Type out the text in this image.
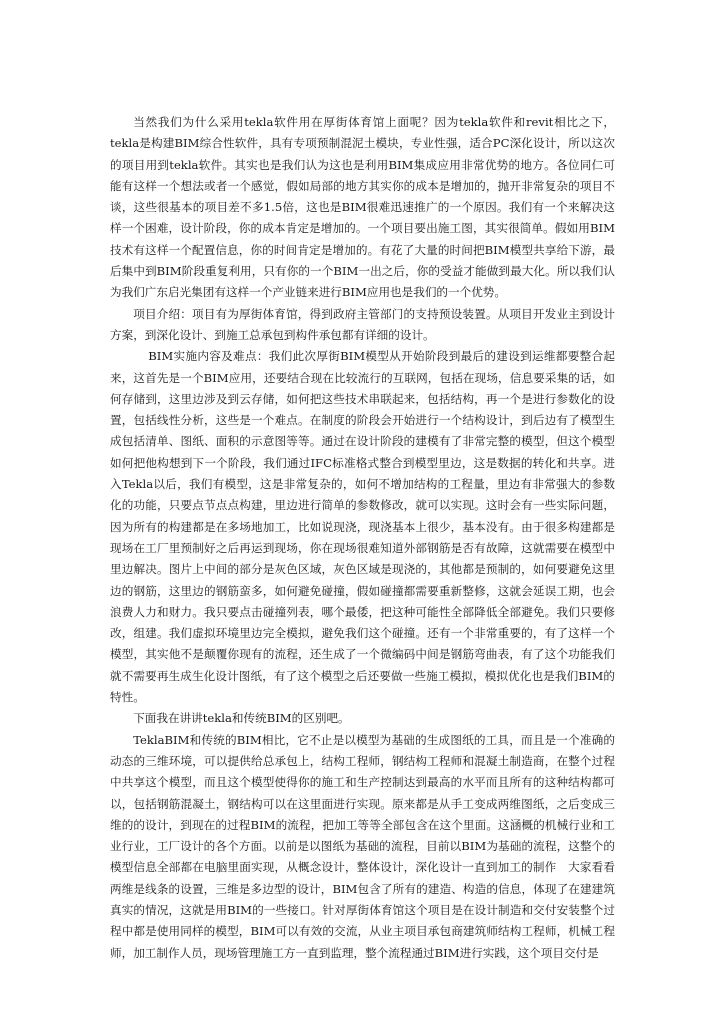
当然我们为什么采用tekla软件用在厚街体育馆上面呢？因为tekla软件和revit相比之下，tekla是构建BIM综合性软件，具有专项预制混泥土模块，专业性强，适合PC深化设计，所以这次的项目用到tekla软件。其实也是我们认为这也是利用BIM集成应用非常优势的地方。各位同仁可能有这样一个想法或者一个感觉，假如局部的地方其实你的成本是增加的，抛开非常复杂的项目不谈，这些很基本的项目差不多1.5倍，这也是BIM很难迅速推广的一个原因。我们有一个来解决这样一个困难，设计阶段，你的成本肯定是增加的。一个项目要出施工图，其实很简单。假如用BIM技术有这样一个配置信息，你的时间肯定是增加的。有花了大量的时间把BIM模型共享给下游，最后集中到BIM阶段重复利用，只有你的一个BIM一出之后，你的受益才能做到最大化。所以我们认为我们广东启光集团有这样一个产业链来进行BIM应用也是我们的一个优势。

项目介绍：项目有为厚街体育馆，得到政府主管部门的支持预设装置。从项目开发业主到设计方案，到深化设计、到施工总承包到构件承包都有详细的设计。

BIM实施内容及难点：我们此次厚街BIM模型从开始阶段到最后的建设到运维都要整合起来，这首先是一个BIM应用，还要结合现在比较流行的互联网，包括在现场，信息要采集的话，如何存储到，这里边涉及到云存储，如何把这些技术串联起来，包括结构，再一个是进行参数化的设置，包括线性分析，这些是一个难点。在制度的阶段会开始进行一个结构设计，到后边有了模型生成包括清单、图纸、面积的示意图等等。通过在设计阶段的建模有了非常完整的模型，但这个模型如何把他构想到下一个阶段，我们通过IFC标准格式整合到模型里边，这是数据的转化和共享。进入Tekla以后，我们有模型，这是非常复杂的，如何不增加结构的工程量，里边有非常强大的参数化的功能，只要点节点点构建，里边进行简单的参数修改，就可以实现。这时会有一些实际问题，因为所有的构建都是在多场地加工，比如说现浇，现浇基本上很少，基本没有。由于很多构建都是现场在工厂里预制好之后再运到现场，你在现场很难知道外部钢筋是否有故障，这就需要在模型中里边解决。图片上中间的部分是灰色区域，灰色区域是现浇的，其他都是预制的，如何要避免这里边的钢筋，这里边的钢筋蛮多，如何避免碰撞，假如碰撞都需要重新整修，这就会延误工期，也会浪费人力和财力。我只要点击碰撞列表，哪个最倭，把这种可能性全部降低全部避免。我们只要修改，组建。我们虚拟环境里边完全模拟，避免我们这个碰撞。还有一个非常重要的，有了这样一个模型，其实他不是颠覆你现有的流程，还生成了一个微编码中间是钢筋弯曲表，有了这个功能我们就不需要再生成生化设计图纸，有了这个模型之后还要做一些施工模拟，模拟优化也是我们BIM的特性。

下面我在讲讲tekla和传统BIM的区别吧。

TeklaBIM和传统的BIM相比，它不止是以模型为基础的生成图纸的工具，而且是一个准确的动态的三维环境，可以提供给总承包上，结构工程师，钢结构工程师和混凝土制造商，在整个过程中共享这个模型，而且这个模型使得你的施工和生产控制达到最高的水平而且所有的这种结构都可以，包括钢筋混凝土，钢结构可以在这里面进行实现。原来都是从手工变成两维图纸，之后变成三维的的设计，到现在的过程BIM的流程，把加工等等全部包含在这个里面。这涵概的机械行业和工业行业，工厂设计的各个方面。以前是以图纸为基础的流程，目前以BIM为基础的流程，这整个的模型信息全部都在电脑里面实现，从概念设计，整体设计，深化设计一直到加工的制作　大家看看两维是线条的设置，三维是多边型的设计，BIM包含了所有的建造、构造的信息，体现了在建建筑真实的情况，这就是用BIM的一些接口。针对厚街体育馆这个项目是在设计制造和交付安装整个过程中都是使用同样的模型，BIM可以有效的交流，从业主项目承包商建筑师结构工程师，机械工程师，加工制作人员，现场管理施工方一直到监理，整个流程通过BIM进行实践，这个项目交付是
